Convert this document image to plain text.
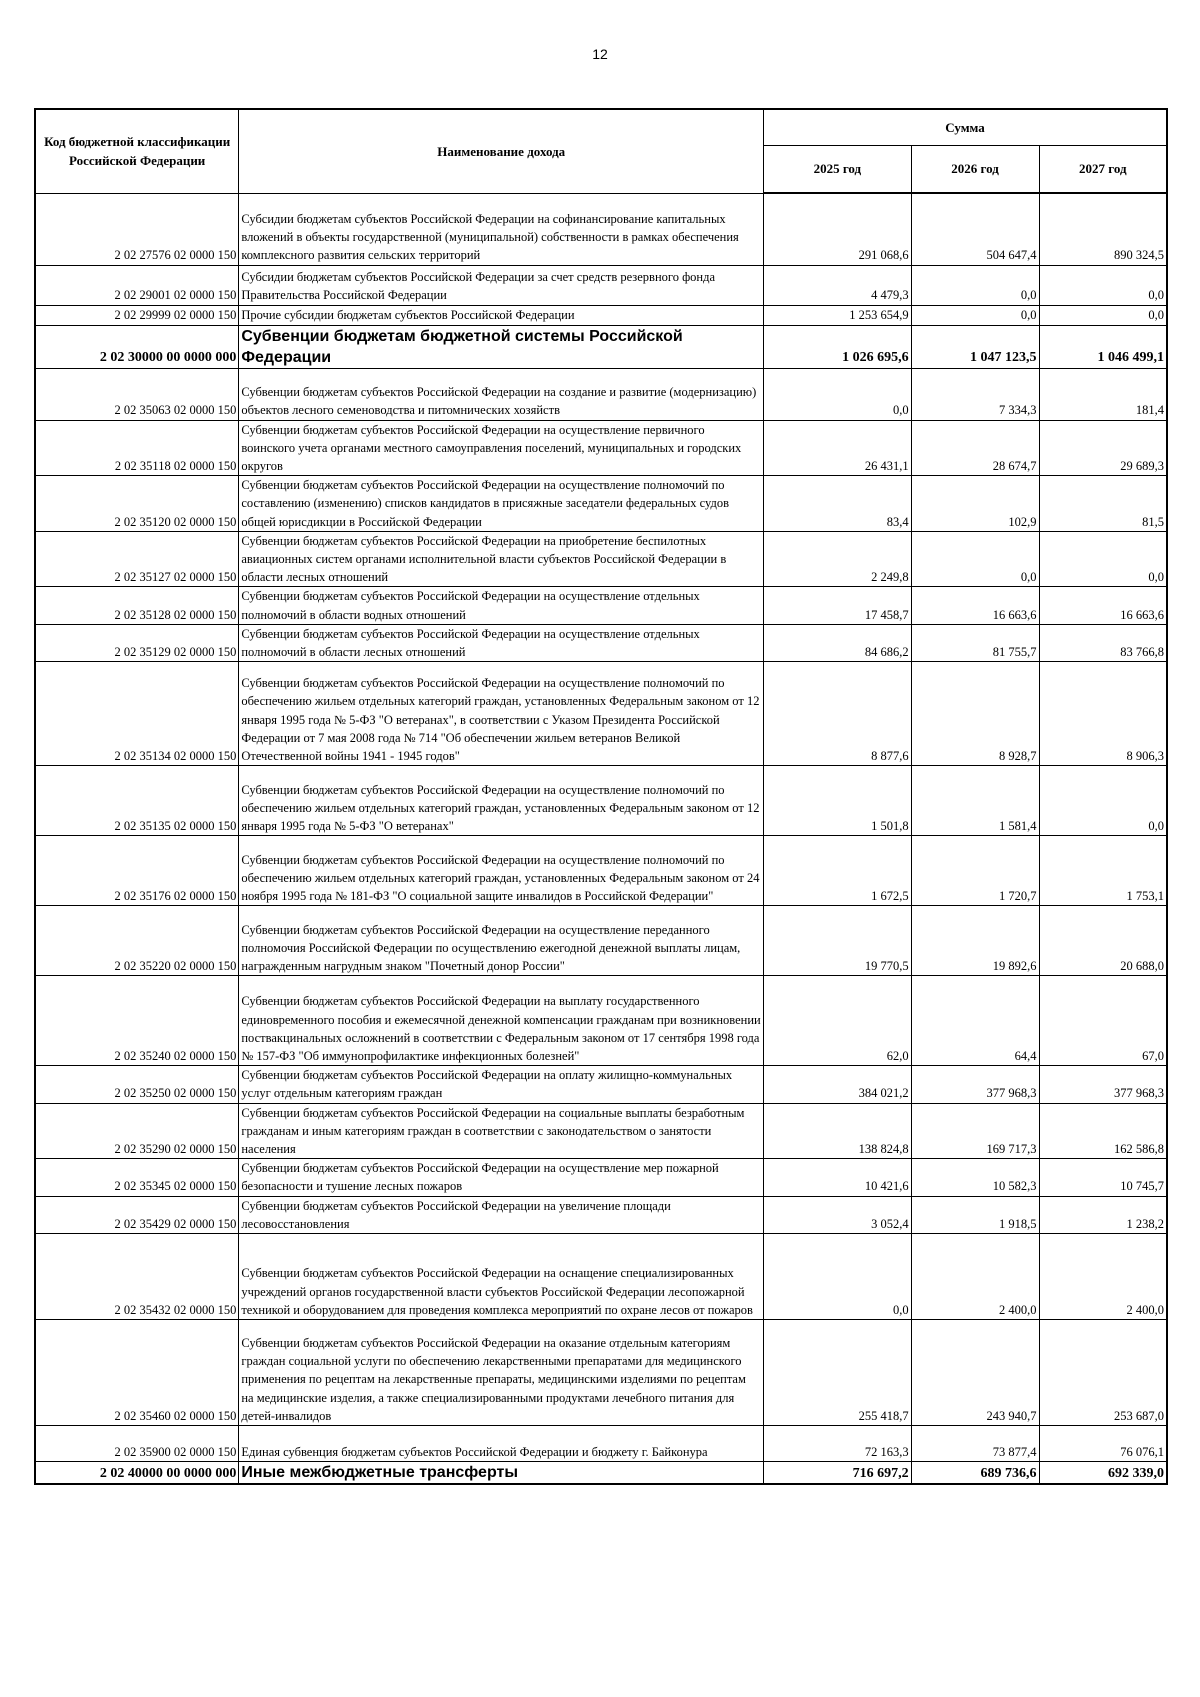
12
Код бюджетной классификации Российской Федерации	Наименование дохода	Сумма		
		2025 год	2026 год	2027 год
2 02 27576 02 0000 150	Субсидии бюджетам субъектов Российской Федерации на софинансирование капитальных вложений в объекты государственной (муниципальной) собственности в рамках обеспечения комплексного развития сельских территорий	291 068,6	504 647,4	890 324,5
2 02 29001 02 0000 150	Субсидии бюджетам субъектов Российской Федерации за счет средств резервного фонда Правительства Российской Федерации	4 479,3	0,0	0,0
2 02 29999 02 0000 150	Прочие субсидии бюджетам субъектов Российской Федерации	1 253 654,9	0,0	0,0
2 02 30000 00 0000 000	Субвенции бюджетам бюджетной системы Российской Федерации	1 026 695,6	1 047 123,5	1 046 499,1
2 02 35063 02 0000 150	Субвенции бюджетам субъектов Российской Федерации на создание и развитие (модернизацию) объектов лесного семеноводства и питомнических хозяйств	0,0	7 334,3	181,4
2 02 35118 02 0000 150	Субвенции бюджетам субъектов Российской Федерации на осуществление первичного воинского учета органами местного самоуправления поселений, муниципальных и городских округов	26 431,1	28 674,7	29 689,3
2 02 35120 02 0000 150	Субвенции бюджетам субъектов Российской Федерации на осуществление полномочий по составлению (изменению) списков кандидатов в присяжные заседатели федеральных судов общей юрисдикции в Российской Федерации	83,4	102,9	81,5
2 02 35127 02 0000 150	Субвенции бюджетам субъектов Российской Федерации на приобретение беспилотных авиационных систем органами исполнительной власти субъектов Российской Федерации в области лесных отношений	2 249,8	0,0	0,0
2 02 35128 02 0000 150	Субвенции бюджетам субъектов Российской Федерации на осуществление отдельных полномочий в области водных отношений	17 458,7	16 663,6	16 663,6
2 02 35129 02 0000 150	Субвенции бюджетам субъектов Российской Федерации на осуществление отдельных полномочий в области лесных отношений	84 686,2	81 755,7	83 766,8
2 02 35134 02 0000 150	Субвенции бюджетам субъектов Российской Федерации на осуществление полномочий по обеспечению жильем отдельных категорий граждан, установленных Федеральным законом от 12 января 1995 года № 5-ФЗ "О ветеранах", в соответствии с Указом Президента Российской Федерации от 7 мая 2008 года № 714 "Об обеспечении жильем ветеранов Великой Отечественной войны 1941 - 1945 годов"	8 877,6	8 928,7	8 906,3
2 02 35135 02 0000 150	Субвенции бюджетам субъектов Российской Федерации на осуществление полномочий по обеспечению жильем отдельных категорий граждан, установленных Федеральным законом от 12 января 1995 года № 5-ФЗ "О ветеранах"	1 501,8	1 581,4	0,0
2 02 35176 02 0000 150	Субвенции бюджетам субъектов Российской Федерации на осуществление полномочий по обеспечению жильем отдельных категорий граждан, установленных Федеральным законом от 24 ноября 1995 года № 181-ФЗ "О социальной защите инвалидов в Российской Федерации"	1 672,5	1 720,7	1 753,1
2 02 35220 02 0000 150	Субвенции бюджетам субъектов Российской Федерации на осуществление переданного полномочия Российской Федерации по осуществлению ежегодной денежной выплаты лицам, награжденным нагрудным знаком "Почетный донор России"	19 770,5	19 892,6	20 688,0
2 02 35240 02 0000 150	Субвенции бюджетам субъектов Российской Федерации на выплату государственного единовременного пособия и ежемесячной денежной компенсации гражданам при возникновении поствакцинальных осложнений в соответствии с Федеральным законом от 17 сентября 1998 года № 157-ФЗ "Об иммунопрофилактике инфекционных болезней"	62,0	64,4	67,0
2 02 35250 02 0000 150	Субвенции бюджетам субъектов Российской Федерации на оплату жилищно-коммунальных услуг отдельным категориям граждан	384 021,2	377 968,3	377 968,3
2 02 35290 02 0000 150	Субвенции бюджетам субъектов Российской Федерации на социальные выплаты безработным гражданам и иным категориям граждан в соответствии с законодательством о занятости населения	138 824,8	169 717,3	162 586,8
2 02 35345 02 0000 150	Субвенции бюджетам субъектов Российской Федерации на осуществление мер пожарной безопасности и тушение лесных пожаров	10 421,6	10 582,3	10 745,7
2 02 35429 02 0000 150	Субвенции бюджетам субъектов Российской Федерации на увеличение площади лесовосстановления	3 052,4	1 918,5	1 238,2
2 02 35432 02 0000 150	Субвенции бюджетам субъектов Российской Федерации на оснащение специализированных учреждений органов государственной власти субъектов Российской Федерации лесопожарной техникой и оборудованием для проведения комплекса мероприятий по охране лесов от пожаров	0,0	2 400,0	2 400,0
2 02 35460 02 0000 150	Субвенции бюджетам субъектов Российской Федерации на оказание отдельным категориям граждан социальной услуги по обеспечению лекарственными препаратами для медицинского применения по рецептам на лекарственные препараты, медицинскими изделиями по рецептам на медицинские изделия, а также специализированными продуктами лечебного питания для детей-инвалидов	255 418,7	243 940,7	253 687,0
2 02 35900 02 0000 150	Единая субвенция бюджетам субъектов Российской Федерации и бюджету г. Байконура	72 163,3	73 877,4	76 076,1
2 02 40000 00 0000 000	Иные межбюджетные трансферты	716 697,2	689 736,6	692 339,0
